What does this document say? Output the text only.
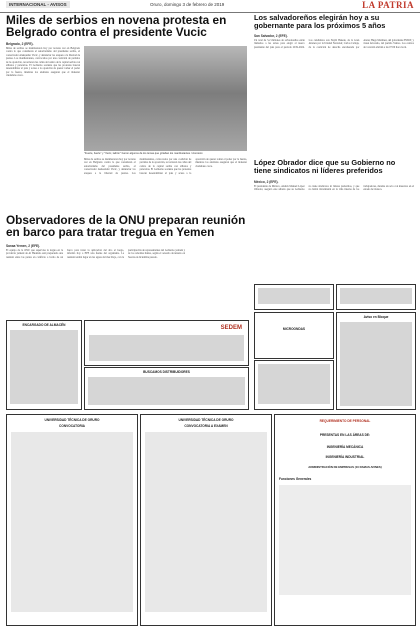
INTERNACIONAL - AVISOS	Oruro, domingo 3 de febrero de 2019	LA PATRIA
Miles de serbios en novena protesta en Belgrado contra el presidente Vucic
Belgrado, 2 (EFE).
Miles de serbios se manifestaron hoy por novena vez en Belgrado contra lo que consideran el autoritarismo del presidente serbio, el conservador Aleksandar Vucic, y denunciar los ataques a la libertad de prensa. Los manifestantes, convocados por una coalición de partidos de la oposición, recorrieron las calles del centro de la capital serbia con silbatos y pancartas. El Gobierno sostiene que las protestas buscan desestabilizar al país y acusa a la oposición de querer tomar el poder por la fuerza, mientras los analistas aseguran que el malestar ciudadano crece.
"Fuerte, fuerte" y "Vucic, ladrón" fueron algunos de los lemas que gritaban los manifestantes / ciorosotv
Miles de serbios se manifestaron hoy por novena vez en Belgrado contra lo que consideran el autoritarismo del presidente serbio, el conservador Aleksandar Vucic, y denunciar los ataques a la libertad de prensa. Los manifestantes, convocados por una coalición de partidos de la oposición, recorrieron las calles del centro de la capital serbia con silbatos y pancartas. El Gobierno sostiene que las protestas buscan desestabilizar al país y acusa a la oposición de querer tomar el poder por la fuerza, mientras los analistas aseguran que el malestar ciudadano crece.
Los salvadoreños elegirán hoy a su gobernante para los próximos 5 años
San Salvador, 2 (EFE).
Un total de 5,2 millones de salvadoreños están llamados a las urnas para elegir al nuevo presidente del país para el período 2019-2024. Los candidatos son Nayib Bukele, de la Gran Alianza por la Unidad Nacional; Carlos Calleja, de la coalición de derecha encabezada por Arena; Hugo Martínez, del gobernante FMLN; y Josué Alvarado, del partido Vamos. Los centros de votación abrirán a las 07:00 hora local.
López Obrador dice que su Gobierno no tiene sindicatos ni líderes preferidos
México, 2 (EFE).
El presidente de México, Andrés Manuel López Obrador, aseguró este sábado que su Gobierno no tiene sindicatos ni líderes preferidos, y que no habrá intromisión en la vida interna de los trabajadores, durante un acto con maestros en el estado de Oaxaca.
Observadores de la ONU preparan reunión en barco para tratar tregua en Yemen
Sanaa Yemen, 2 (EFE).
El equipo de la ONU que supervisa la tregua en la provincia yemení de Al Hudeida está preparando una reunión entre las partes en conflicto a bordo de un barco para tratar la aplicación del alto el fuego, informó hoy a EFE una fuente del organismo. La reunión tendrá lugar en las aguas del mar Rojo, con la participación de representantes del Gobierno yemení y de los rebeldes hutíes, según el acuerdo alcanzado en Suecia en diciembre pasado.
ENCARGADO DE ALMACÉN	SEDEM
BUSCAMOS DISTRIBUIDORES
MICROONDAS
Aviso en Bloque
UNIVERSIDAD TÉCNICA DE ORURO
CONVOCATORIA
UNIVERSIDAD TÉCNICA DE ORURO
CONVOCATORIA A EXAMEN
REQUERIMIENTO DE PERSONAL
PRESENTAS EN LAS ÁREAS DE:
INGENIERÍA MECÁNICA
INGENIERÍA INDUSTRIAL
ADMINISTRACIÓN DE EMPRESAS (10 RAMAS AFINES)
Funciones Generales
